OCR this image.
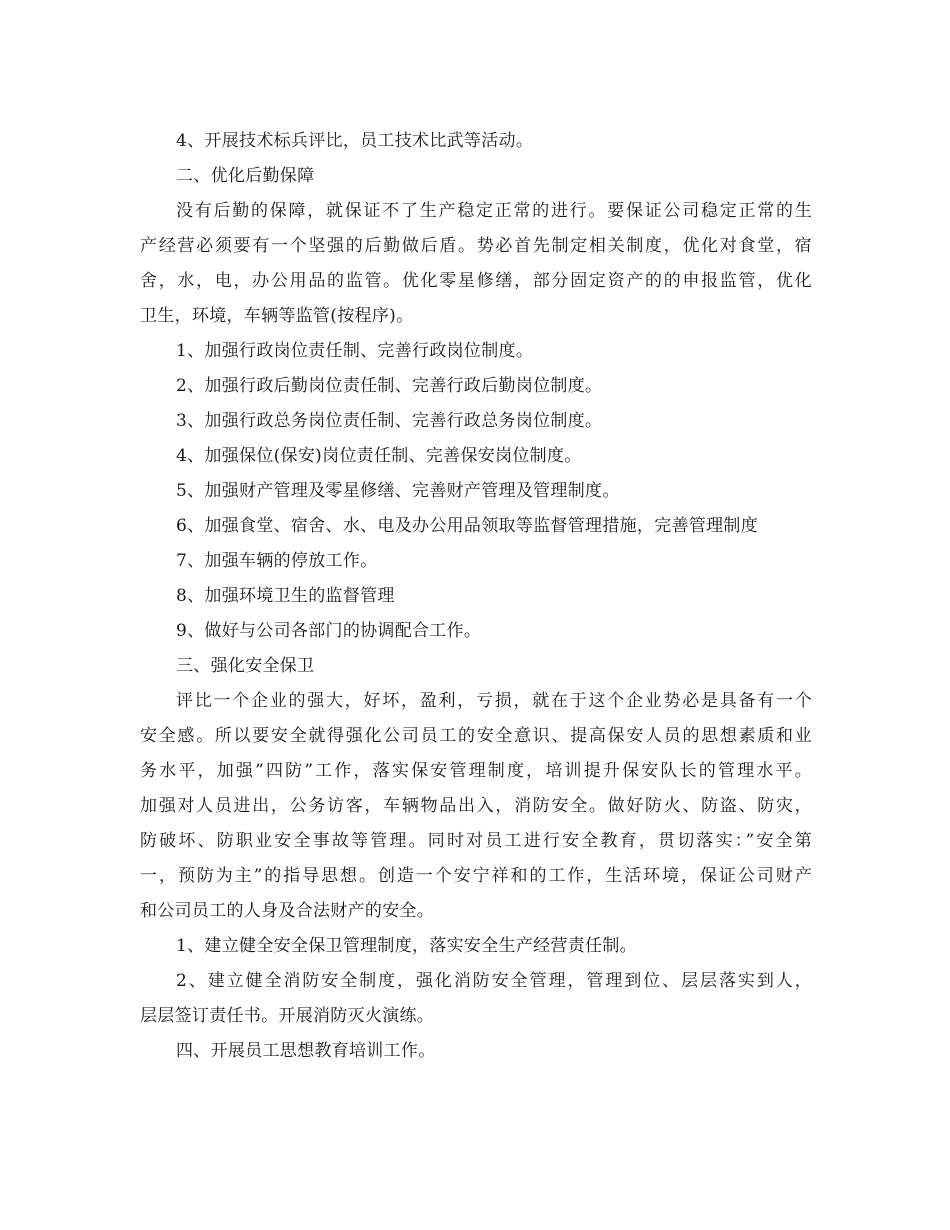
4、开展技术标兵评比，员工技术比武等活动。
二、优化后勤保障
没有后勤的保障，就保证不了生产稳定正常的进行。要保证公司稳定正常的生
产经营必须要有一个坚强的后勤做后盾。势必首先制定相关制度，优化对食堂，宿
舍，水，电，办公用品的监管。优化零星修缮，部分固定资产的的申报监管，优化
卫生，环境，车辆等监管(按程序)。
1、加强行政岗位责任制、完善行政岗位制度。
2、加强行政后勤岗位责任制、完善行政后勤岗位制度。
3、加强行政总务岗位责任制、完善行政总务岗位制度。
4、加强保位(保安)岗位责任制、完善保安岗位制度。
5、加强财产管理及零星修缮、完善财产管理及管理制度。
6、加强食堂、宿舍、水、电及办公用品领取等监督管理措施，完善管理制度
7、加强车辆的停放工作。
8、加强环境卫生的监督管理
9、做好与公司各部门的协调配合工作。
三、强化安全保卫
评比一个企业的强大，好坏，盈利，亏损，就在于这个企业势必是具备有一个
安全感。所以要安全就得强化公司员工的安全意识、提高保安人员的思想素质和业
务水平，加强”四防”工作，落实保安管理制度，培训提升保安队长的管理水平。
加强对人员进出，公务访客，车辆物品出入，消防安全。做好防火、防盗、防灾，
防破坏、防职业安全事故等管理。同时对员工进行安全教育，贯切落实：”安全第
一，预防为主”的指导思想。创造一个安宁祥和的工作，生活环境，保证公司财产
和公司员工的人身及合法财产的安全。
1、建立健全安全保卫管理制度，落实安全生产经营责任制。
2、建立健全消防安全制度，强化消防安全管理，管理到位、层层落实到人，
层层签订责任书。开展消防灭火演练。
四、开展员工思想教育培训工作。
